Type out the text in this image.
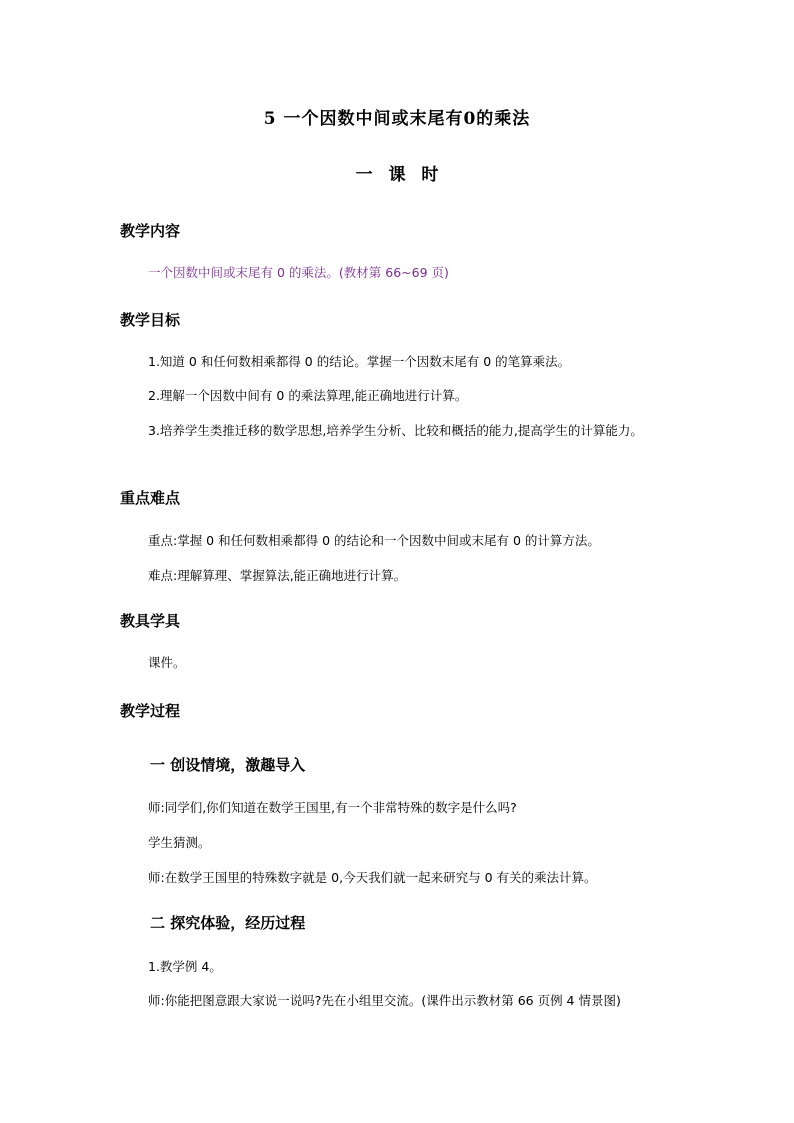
5 一个因数中间或末尾有0的乘法
一 课 时
教学内容
一个因数中间或末尾有 0 的乘法。(教材第 66~69 页)
教学目标
1.知道 0 和任何数相乘都得 0 的结论。掌握一个因数末尾有 0 的笔算乘法。
2.理解一个因数中间有 0 的乘法算理,能正确地进行计算。
3.培养学生类推迁移的数学思想,培养学生分析、比较和概括的能力,提高学生的计算能力。
重点难点
重点:掌握 0 和任何数相乘都得 0 的结论和一个因数中间或末尾有 0 的计算方法。
难点:理解算理、掌握算法,能正确地进行计算。
教具学具
课件。
教学过程
一 创设情境，激趣导入
师:同学们,你们知道在数学王国里,有一个非常特殊的数字是什么吗?
学生猜测。
师:在数学王国里的特殊数字就是 0,今天我们就一起来研究与 0 有关的乘法计算。
二 探究体验，经历过程
1.教学例 4。
师:你能把图意跟大家说一说吗?先在小组里交流。(课件出示教材第 66 页例 4 情景图)
